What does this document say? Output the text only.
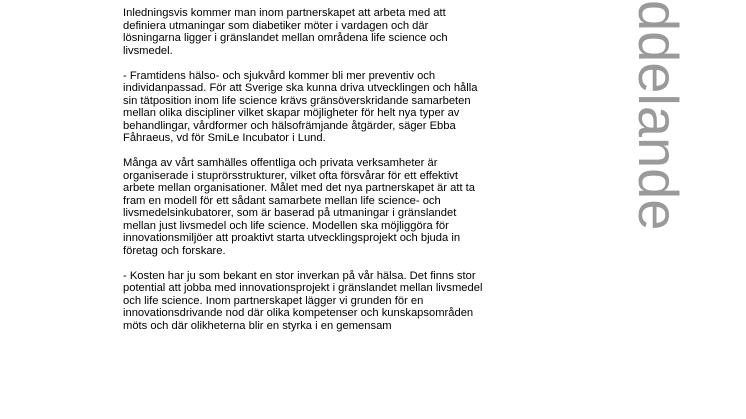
Inledningsvis kommer man inom partnerskapet att arbeta med att
definiera utmaningar som diabetiker möter i vardagen och där
lösningarna ligger i gränslandet mellan områdena life science och
livsmedel.

- Framtidens hälso- och sjukvård kommer bli mer preventiv och
individanpassad. För att Sverige ska kunna driva utvecklingen och hålla
sin tätposition inom life science krävs gränsöverskridande samarbeten
mellan olika discipliner vilket skapar möjligheter för helt nya typer av
behandlingar, vårdformer och hälsofrämjande åtgärder, säger Ebba
Fåhraeus, vd för SmiLe Incubator i Lund.

Många av vårt samhälles offentliga och privata verksamheter är
organiserade i stuprörsstrukturer, vilket ofta försvårar för ett effektivt
arbete mellan organisationer. Målet med det nya partnerskapet är att ta
fram en modell för ett sådant samarbete mellan life science- och
livsmedelsinkubatorer, som är baserad på utmaningar i gränslandet
mellan just livsmedel och life science. Modellen ska möjliggöra för
innovationsmiljöer att proaktivt starta utvecklingsprojekt och bjuda in
företag och forskare.

- Kosten har ju som bekant en stor inverkan på vår hälsa. Det finns stor
potential att jobba med innovationsprojekt i gränslandet mellan livsmedel
och life science. Inom partnerskapet lägger vi grunden för en
innovationsdrivande nod där olika kompetenser och kunskapsområden
möts och där olikheterna blir en styrka i en gemensam

ddelande
